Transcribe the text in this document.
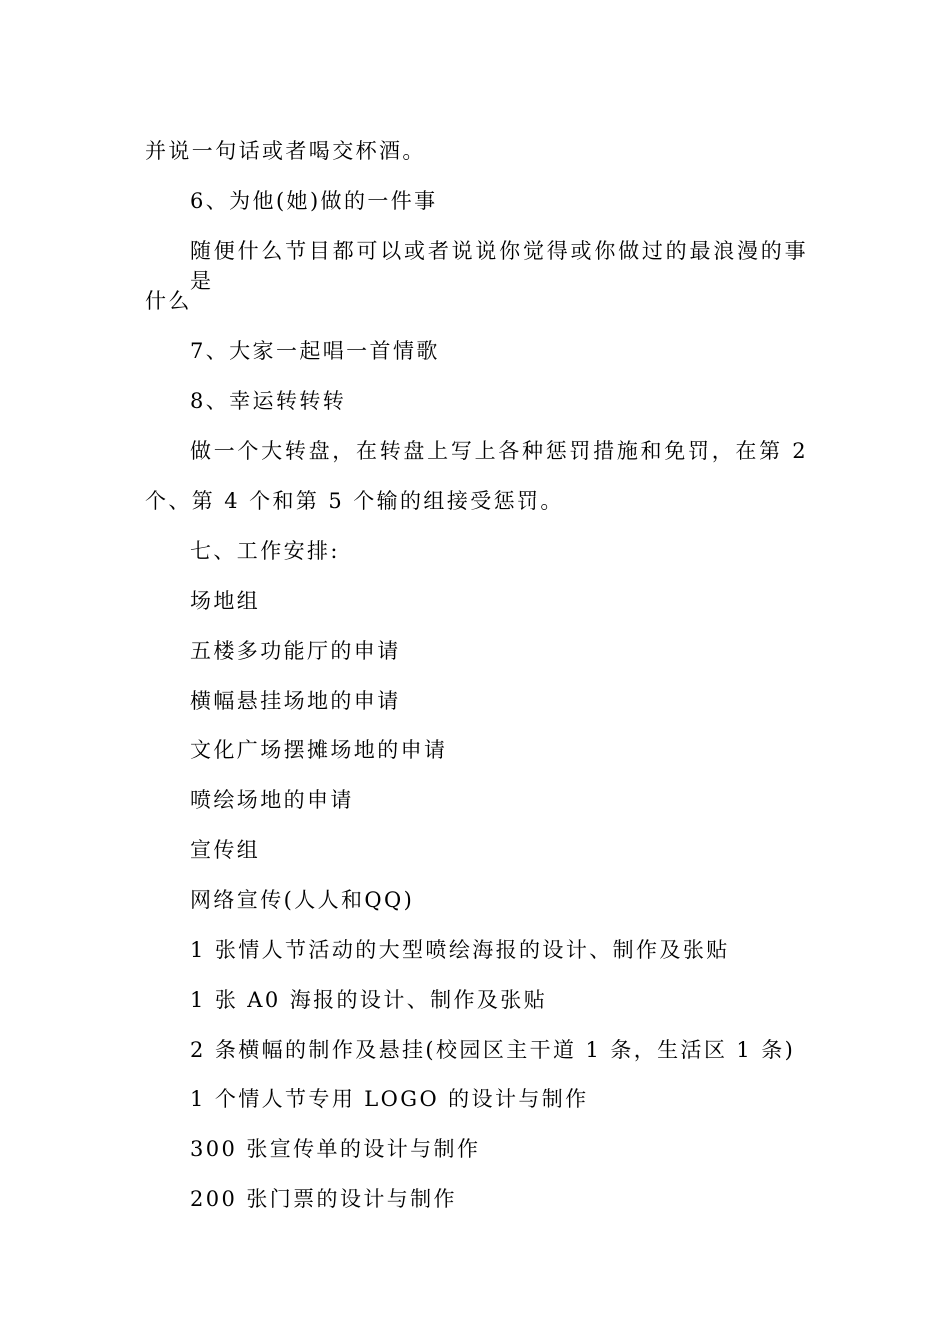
并说一句话或者喝交杯酒。
6、为他(她)做的一件事
随便什么节目都可以或者说说你觉得或你做过的最浪漫的事是
什么
7、大家一起唱一首情歌
8、幸运转转转
做一个大转盘，在转盘上写上各种惩罚措施和免罚，在第 2
个、第 4 个和第 5 个输的组接受惩罚。
七、工作安排:
场地组
五楼多功能厅的申请
横幅悬挂场地的申请
文化广场摆摊场地的申请
喷绘场地的申请
宣传组
网络宣传(人人和QQ)
1 张情人节活动的大型喷绘海报的设计、制作及张贴
1 张 A0 海报的设计、制作及张贴
2 条横幅的制作及悬挂(校园区主干道 1 条，生活区 1 条)
1 个情人节专用 LOGO 的设计与制作
300 张宣传单的设计与制作
200 张门票的设计与制作
